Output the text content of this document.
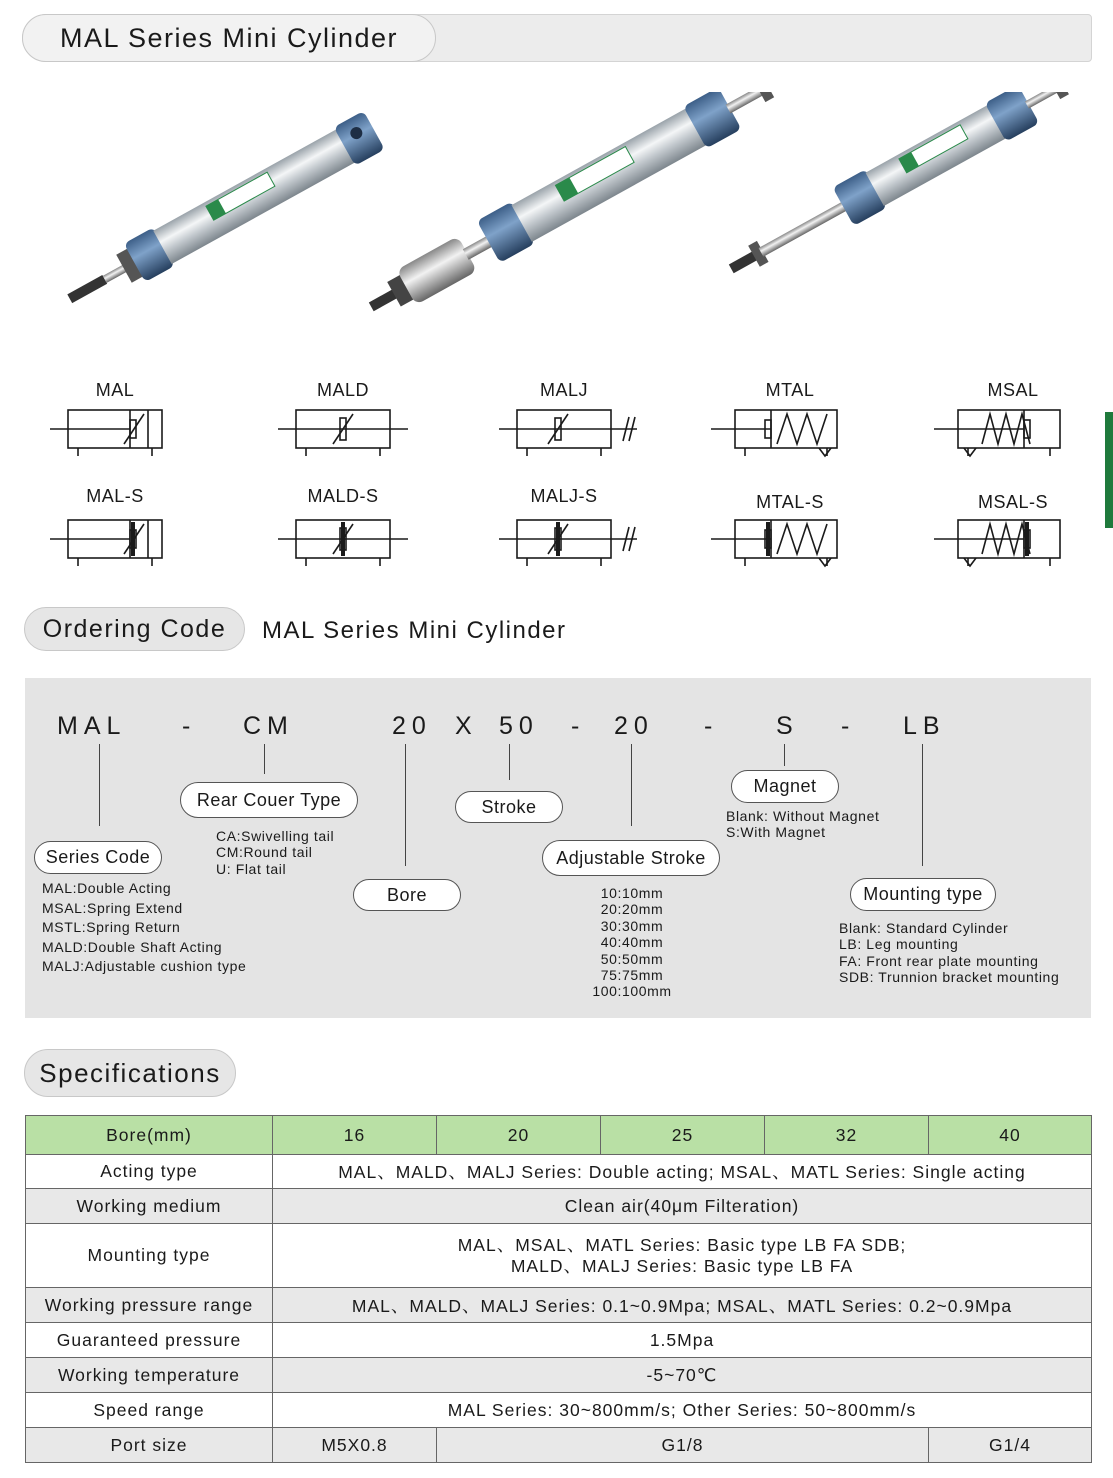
MAL Series Mini Cylinder
MAL	MALD	MALJ	MTAL	MSAL
MAL-S	MALD-S	MALJ-S	MTAL-S	MSAL-S
Ordering Code	MAL Series Mini Cylinder
MAL - CM	20 X 50 - 20 - S - LB
Series Code
MAL:Double Acting
MSAL:Spring Extend
MSTL:Spring Return
MALD:Double Shaft Acting
MALJ:Adjustable cushion type
Rear Couer Type
CA:Swivelling tail
CM:Round tail
U: Flat tail
Bore
Stroke
Adjustable Stroke
10:10mm
20:20mm
30:30mm
40:40mm
50:50mm
75:75mm
100:100mm
Magnet
Blank: Without Magnet
S:With Magnet
Mounting type
Blank: Standard Cylinder
LB: Leg mounting
FA: Front rear plate mounting
SDB: Trunnion bracket mounting
Specifications
Bore(mm)	16	20	25	32	40
Acting type	MAL、MALD、MALJ Series: Double acting; MSAL、MATL Series: Single acting				
Working medium	Clean air(40μm Filteration)				
Mounting type	MAL、MSAL、MATL Series: Basic type LB FA SDB;
MALD、MALJ Series: Basic type LB FA				

Working pressure range	MAL、MALD、MALJ Series: 0.1~0.9Mpa; MSAL、MATL Series: 0.2~0.9Mpa				
Guaranteed pressure	1.5Mpa				
Working temperature	-5~70℃				
Speed range	MAL Series: 30~800mm/s; Other Series: 50~800mm/s				
Port size	M5X0.8	G1/8			G1/4
